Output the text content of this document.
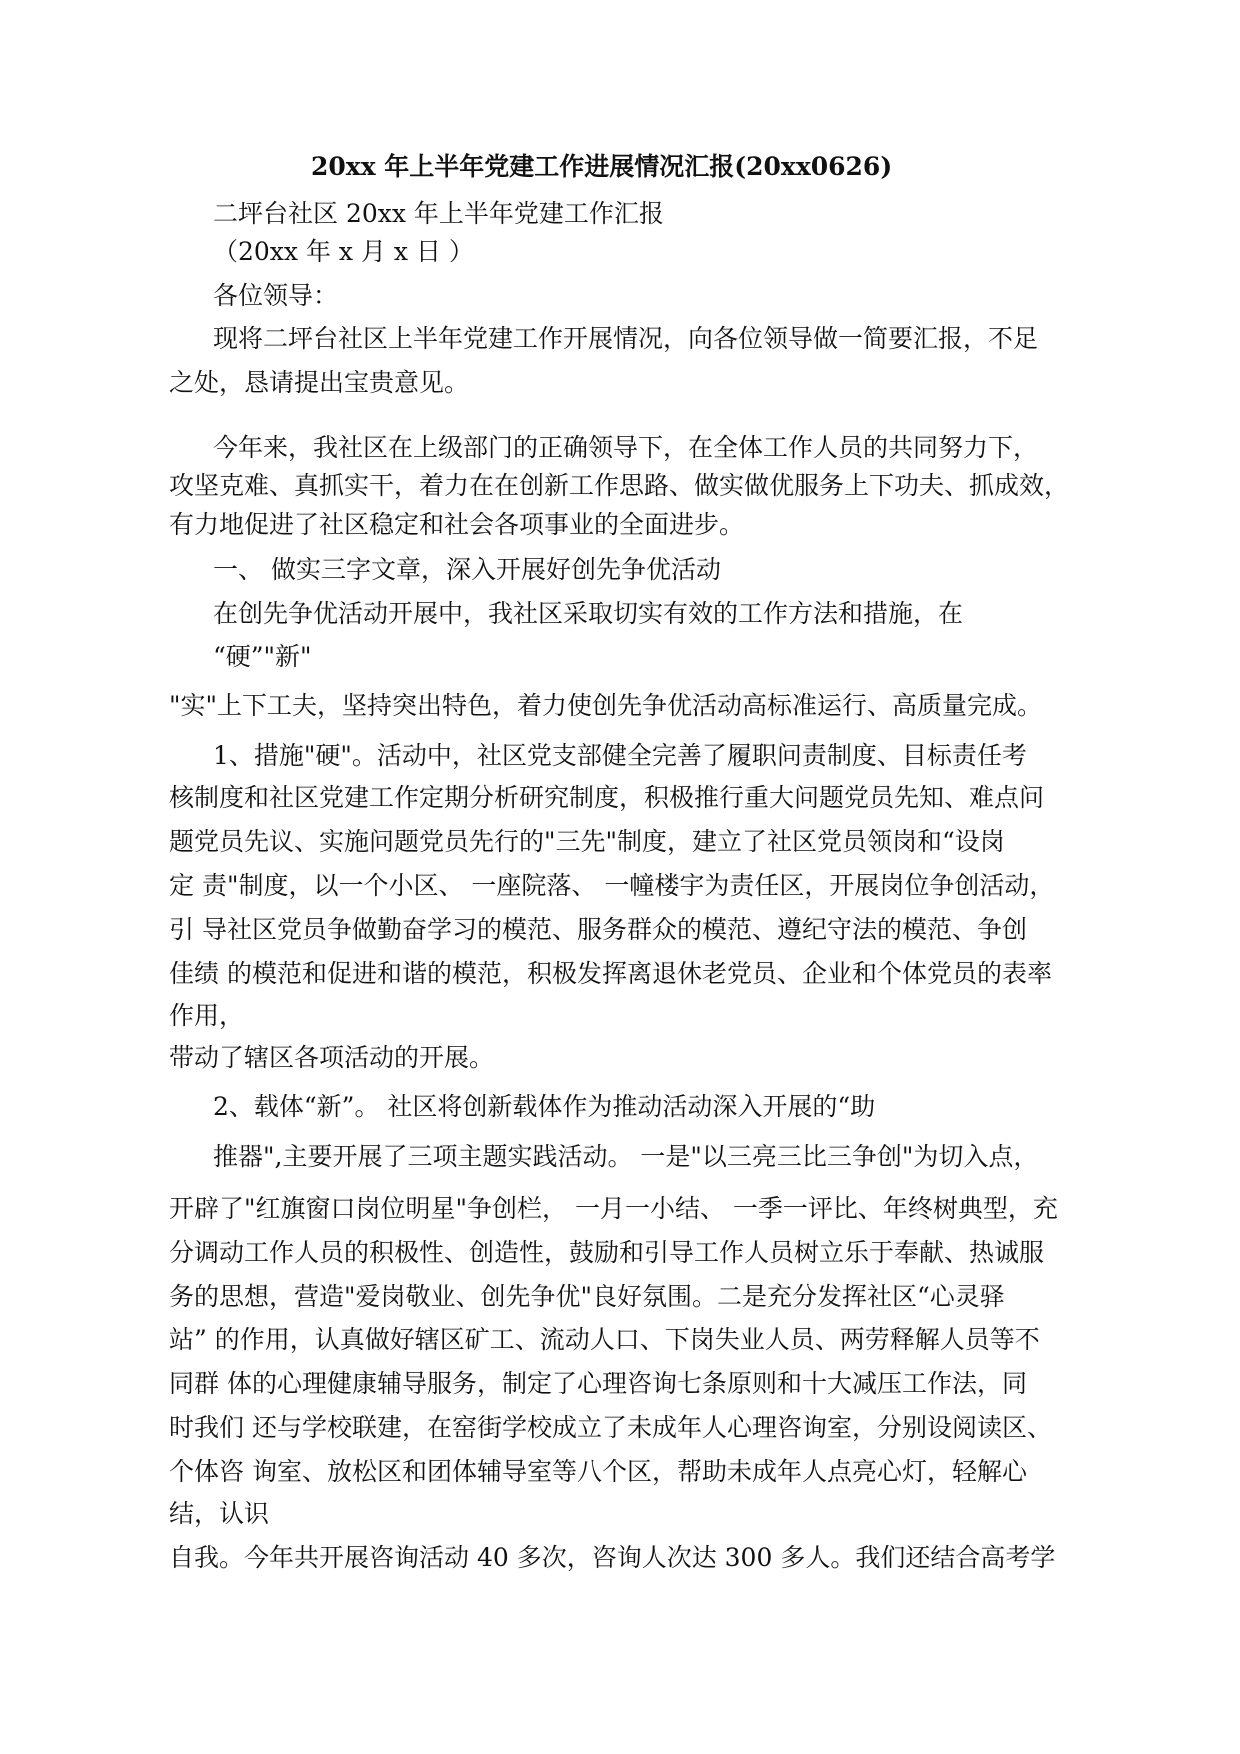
20xx 年上半年党建工作进展情况汇报(20xx0626)

二坪台社区 20xx 年上半年党建工作汇报

（20xx 年 x 月 x 日 ）

各位领导：

现将二坪台社区上半年党建工作开展情况，向各位领导做一简要汇报，不足

之处，恳请提出宝贵意见。

今年来，我社区在上级部门的正确领导下，在全体工作人员的共同努力下，

攻坚克难、真抓实干，着力在在创新工作思路、做实做优服务上下功夫、抓成效，

有力地促进了社区稳定和社会各项事业的全面进步。

一、 做实三字文章，深入开展好创先争优活动

在创先争优活动开展中，我社区采取切实有效的工作方法和措施，在

“硬”"新"

"实"上下工夫，坚持突出特色，着力使创先争优活动高标准运行、高质量完成。

1、措施"硬"。活动中，社区党支部健全完善了履职问责制度、目标责任考

核制度和社区党建工作定期分析研究制度，积极推行重大问题党员先知、难点问

题党员先议、实施问题党员先行的"三先"制度，建立了社区党员领岗和“设岗

定 责"制度，以一个小区、 一座院落、 一幢楼宇为责任区，开展岗位争创活动，

引 导社区党员争做勤奋学习的模范、服务群众的模范、遵纪守法的模范、争创

佳绩 的模范和促进和谐的模范，积极发挥离退休老党员、企业和个体党员的表率

作用，

带动了辖区各项活动的开展。

2、载体“新”。 社区将创新载体作为推动活动深入开展的“助

推器",主要开展了三项主题实践活动。 一是"以三亮三比三争创"为切入点，

开辟了"红旗窗口岗位明星"争创栏， 一月一小结、 一季一评比、年终树典型，充

分调动工作人员的积极性、创造性，鼓励和引导工作人员树立乐于奉献、热诚服

务的思想，营造"爱岗敬业、创先争优"良好氛围。二是充分发挥社区“心灵驿

站” 的作用，认真做好辖区矿工、流动人口、下岗失业人员、两劳释解人员等不

同群 体的心理健康辅导服务，制定了心理咨询七条原则和十大减压工作法，同

时我们 还与学校联建，在窑街学校成立了未成年人心理咨询室，分别设阅读区、

个体咨 询室、放松区和团体辅导室等八个区，帮助未成年人点亮心灯，轻解心

结，认识

自我。今年共开展咨询活动 40 多次，咨询人次达 300 多人。我们还结合高考学
